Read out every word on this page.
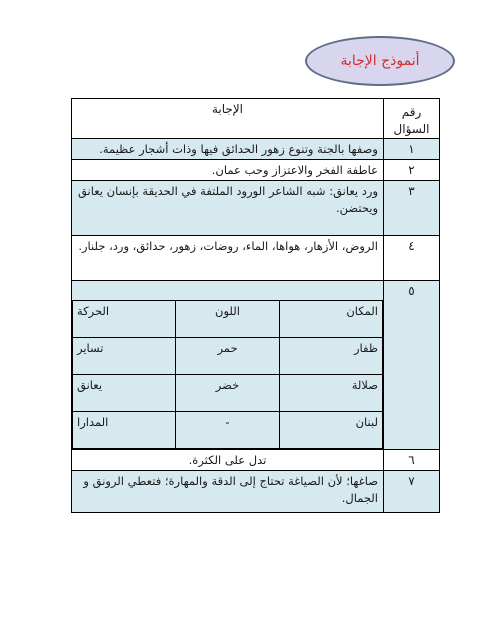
أنموذج الإجابة
الإجابة	رقم
السؤال
وصفها بالجنة وتنوع زهور الحدائق فيها وذات أشجار عظيمة.	١
عاطفة الفخر والاعتزاز وحب عمان.	٢
ورد يعانق: شبه الشاعر الورود الملتفة في الحديقة بإنسان يعانق ويحتضن.	٣
الروض، الأزهار، هواها، الماء، روضات، زهور، حدائق، ورد، جلنار.	٤

المكان	اللون	الحركة
ظفار	حمر	تساير
صلالة	خضر	يعانق
لبنان	-	المدارا
	٥
تدل على الكثرة.	٦
صاغها؛ لأن الصياغة تحتاج إلى الدقة والمهارة؛ فتعطي الرونق و الجمال.	٧
